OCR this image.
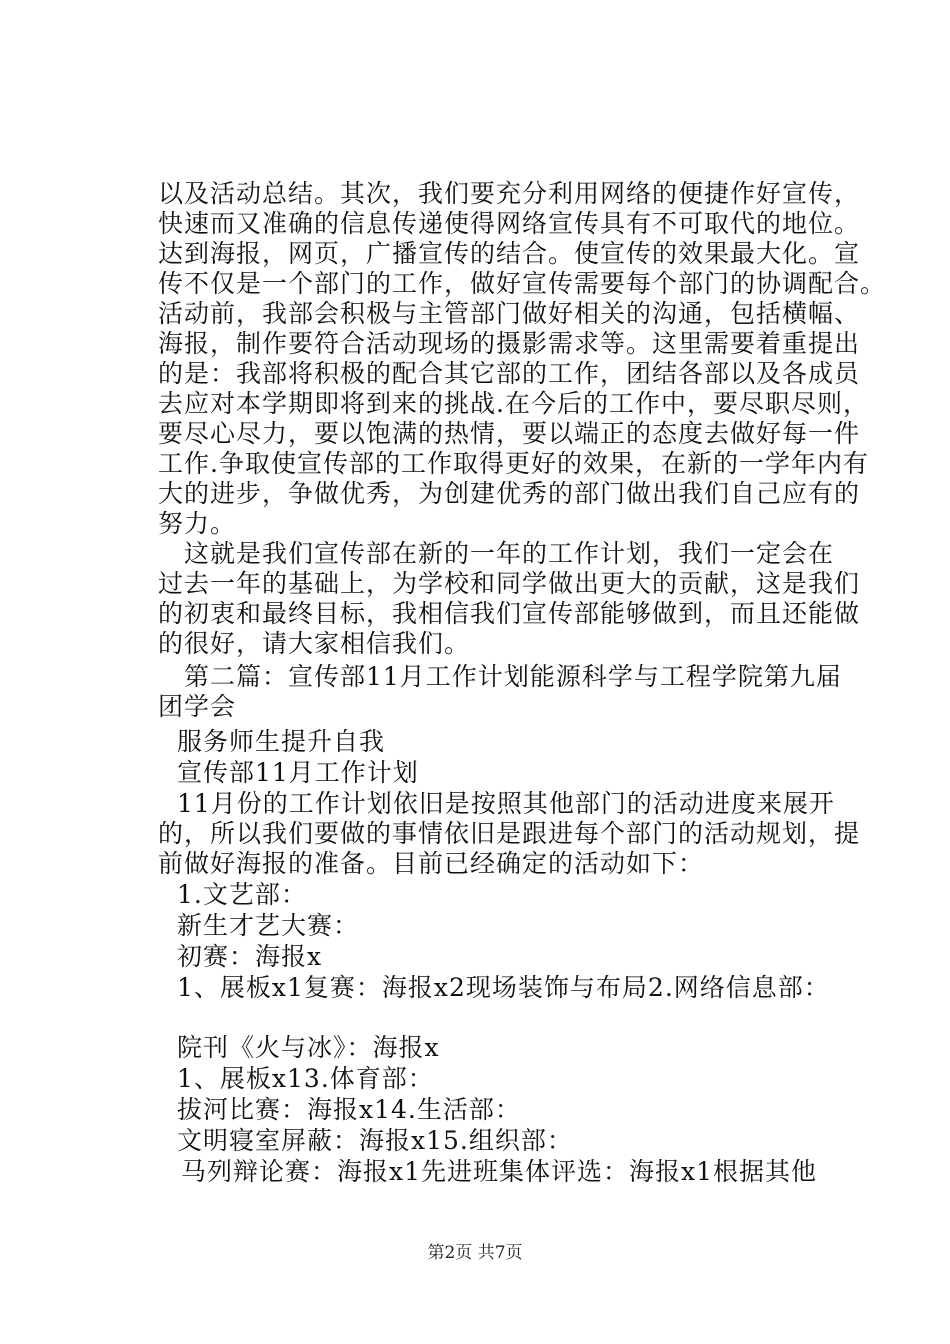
以及活动总结。其次，我们要充分利用网络的便捷作好宣传，
快速而又准确的信息传递使得网络宣传具有不可取代的地位。
达到海报，网页，广播宣传的结合。使宣传的效果最大化。宣
传不仅是一个部门的工作，做好宣传需要每个部门的协调配合。
活动前，我部会积极与主管部门做好相关的沟通，包括横幅、
海报，制作要符合活动现场的摄影需求等。这里需要着重提出
的是：我部将积极的配合其它部的工作，团结各部以及各成员
去应对本学期即将到来的挑战.在今后的工作中，要尽职尽则，
要尽心尽力，要以饱满的热情，要以端正的态度去做好每一件
工作.争取使宣传部的工作取得更好的效果，在新的一学年内有
大的进步，争做优秀，为创建优秀的部门做出我们自己应有的
努力。
这就是我们宣传部在新的一年的工作计划，我们一定会在
过去一年的基础上，为学校和同学做出更大的贡献，这是我们
的初衷和最终目标，我相信我们宣传部能够做到，而且还能做
的很好，请大家相信我们。
第二篇：宣传部11月工作计划能源科学与工程学院第九届
团学会
服务师生提升自我
宣传部11月工作计划
11月份的工作计划依旧是按照其他部门的活动进度来展开
的，所以我们要做的事情依旧是跟进每个部门的活动规划，提
前做好海报的准备。目前已经确定的活动如下：
1.文艺部：
新生才艺大赛：
初赛：海报x
1、展板x1复赛：海报x2现场装饰与布局2.网络信息部：
院刊《火与冰》：海报x
1、展板x13.体育部：
拔河比赛：海报x14.生活部：
文明寝室屏蔽：海报x15.组织部：
马列辩论赛：海报x1先进班集体评选：海报x1根据其他
第2页 共7页
